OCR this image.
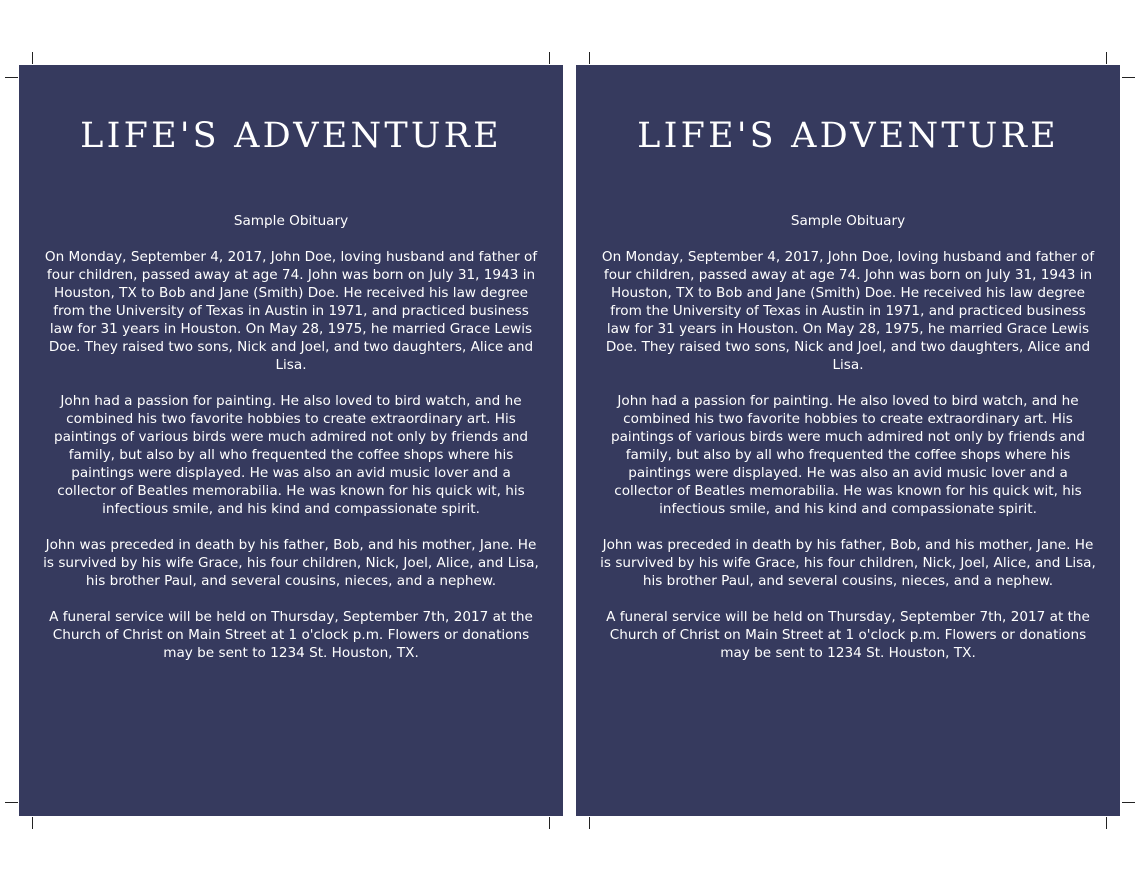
LIFE'S ADVENTURE

Sample Obituary

On Monday, September 4, 2017, John Doe, loving husband and father of four children, passed away at age 74. John was born on July 31, 1943 in Houston, TX to Bob and Jane (Smith) Doe. He received his law degree from the University of Texas in Austin in 1971, and practiced business law for 31 years in Houston. On May 28, 1975, he married Grace Lewis Doe. They raised two sons, Nick and Joel, and two daughters, Alice and Lisa.

John had a passion for painting. He also loved to bird watch, and he combined his two favorite hobbies to create extraordinary art. His paintings of various birds were much admired not only by friends and family, but also by all who frequented the coffee shops where his paintings were displayed. He was also an avid music lover and a collector of Beatles memorabilia. He was known for his quick wit, his infectious smile, and his kind and compassionate spirit.

John was preceded in death by his father, Bob, and his mother, Jane. He is survived by his wife Grace, his four children, Nick, Joel, Alice, and Lisa, his brother Paul, and several cousins, nieces, and a nephew.

A funeral service will be held on Thursday, September 7th, 2017 at the Church of Christ on Main Street at 1 o'clock p.m. Flowers or donations may be sent to 1234 St. Houston, TX.

LIFE'S ADVENTURE

Sample Obituary

On Monday, September 4, 2017, John Doe, loving husband and father of four children, passed away at age 74. John was born on July 31, 1943 in Houston, TX to Bob and Jane (Smith) Doe. He received his law degree from the University of Texas in Austin in 1971, and practiced business law for 31 years in Houston. On May 28, 1975, he married Grace Lewis Doe. They raised two sons, Nick and Joel, and two daughters, Alice and Lisa.

John had a passion for painting. He also loved to bird watch, and he combined his two favorite hobbies to create extraordinary art. His paintings of various birds were much admired not only by friends and family, but also by all who frequented the coffee shops where his paintings were displayed. He was also an avid music lover and a collector of Beatles memorabilia. He was known for his quick wit, his infectious smile, and his kind and compassionate spirit.

John was preceded in death by his father, Bob, and his mother, Jane. He is survived by his wife Grace, his four children, Nick, Joel, Alice, and Lisa, his brother Paul, and several cousins, nieces, and a nephew.

A funeral service will be held on Thursday, September 7th, 2017 at the Church of Christ on Main Street at 1 o'clock p.m. Flowers or donations may be sent to 1234 St. Houston, TX.
